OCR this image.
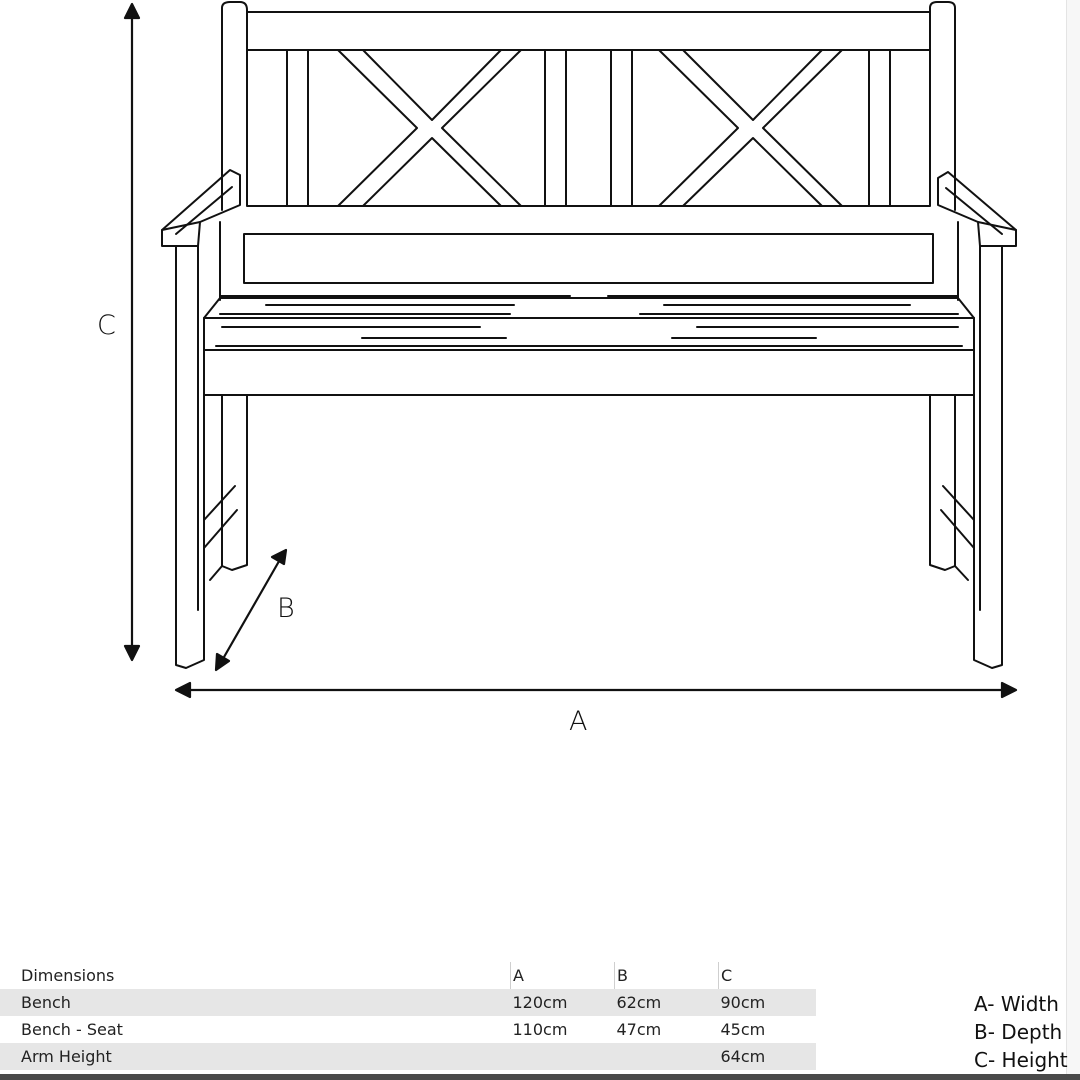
C
B
A
Dimensions	A	B	C
Bench	120cm	62cm	90cm
Bench - Seat	110cm	47cm	45cm
Arm Height			64cm
A- Width
B- Depth
C- Height
